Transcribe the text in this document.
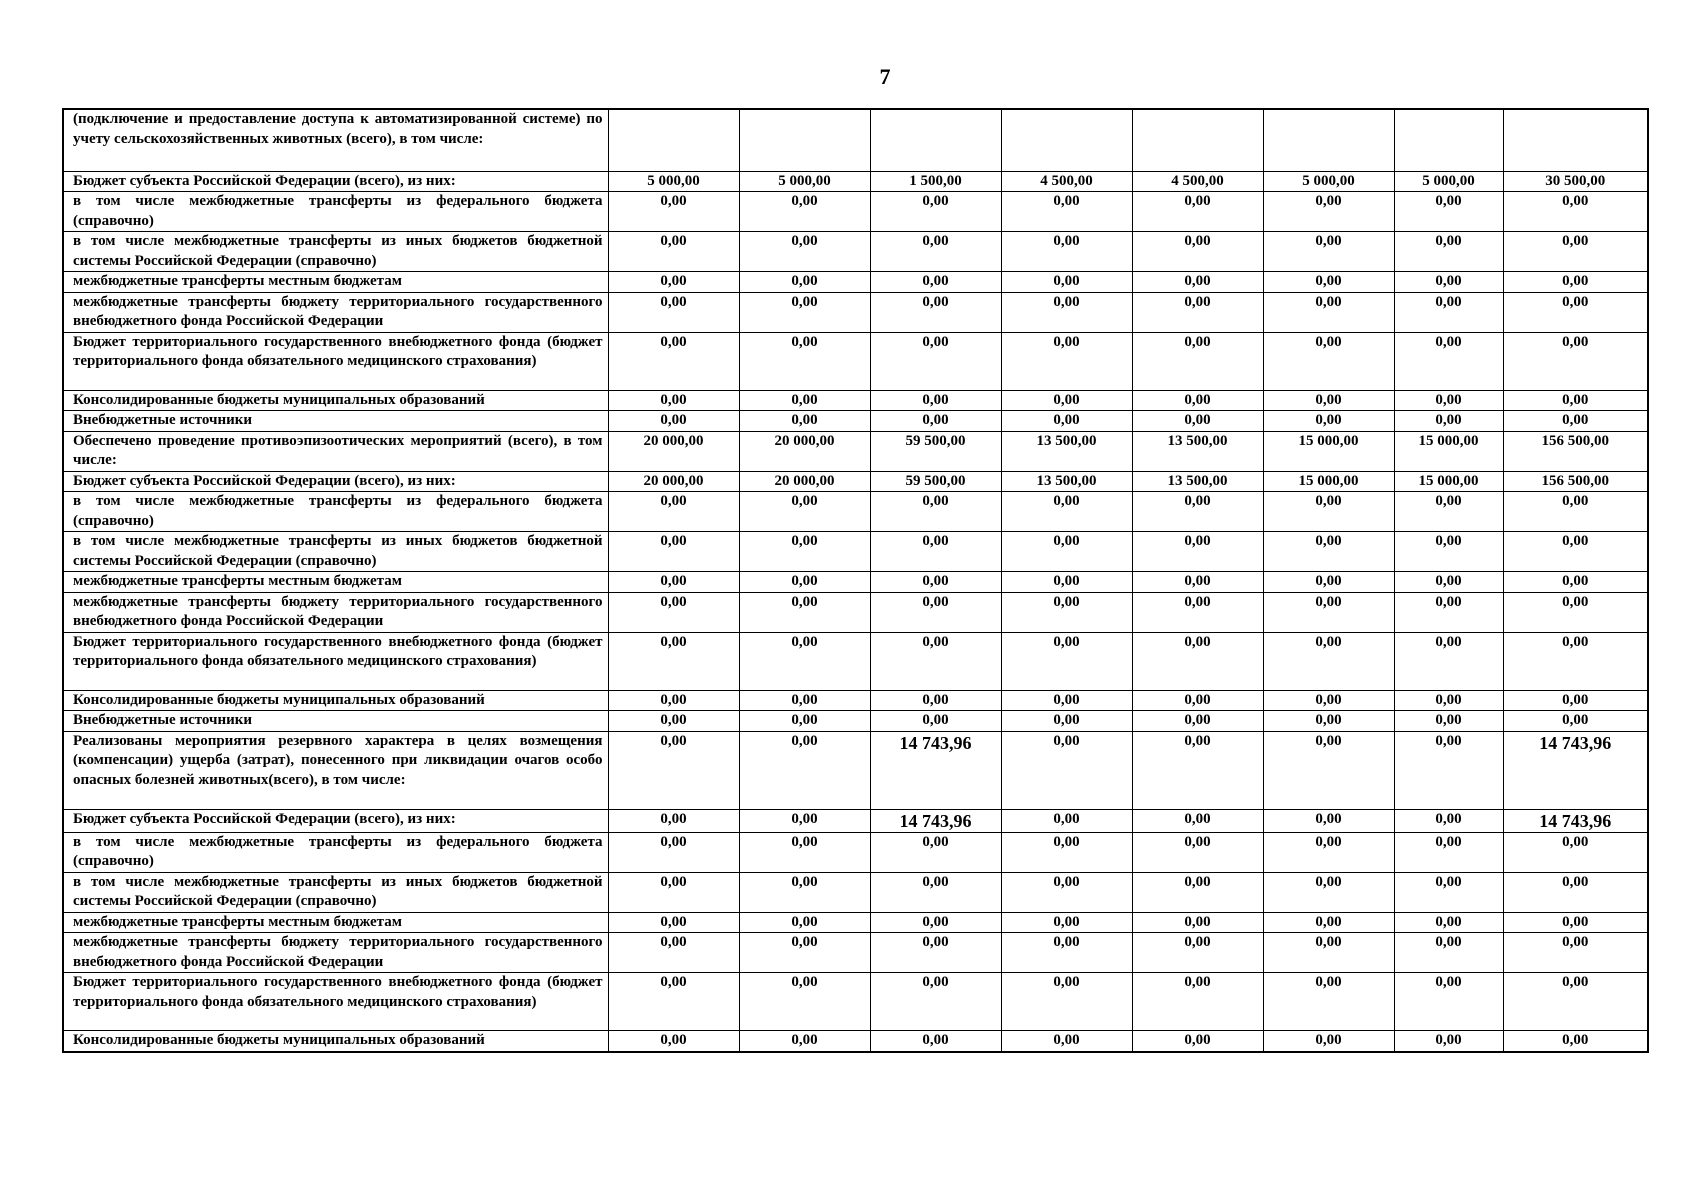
7
(подключение и предоставление доступа к автоматизированной системе) по учету сельскохозяйственных животных (всего), в том числе:								
Бюджет субъекта Российской Федерации (всего), из них:	5 000,00	5 000,00	1 500,00	4 500,00	4 500,00	5 000,00	5 000,00	30 500,00
в том числе межбюджетные трансферты из федерального бюджета (справочно)	0,00	0,00	0,00	0,00	0,00	0,00	0,00	0,00
в том числе межбюджетные трансферты из иных бюджетов бюджетной системы Российской Федерации (справочно)	0,00	0,00	0,00	0,00	0,00	0,00	0,00	0,00
межбюджетные трансферты местным бюджетам	0,00	0,00	0,00	0,00	0,00	0,00	0,00	0,00
межбюджетные трансферты бюджету территориального государственного внебюджетного фонда Российской Федерации	0,00	0,00	0,00	0,00	0,00	0,00	0,00	0,00
Бюджет территориального государственного внебюджетного фонда (бюджет территориального фонда обязательного медицинского страхования)	0,00	0,00	0,00	0,00	0,00	0,00	0,00	0,00
Консолидированные бюджеты муниципальных образований	0,00	0,00	0,00	0,00	0,00	0,00	0,00	0,00
Внебюджетные источники	0,00	0,00	0,00	0,00	0,00	0,00	0,00	0,00
Обеспечено проведение противоэпизоотических мероприятий (всего), в том числе:	20 000,00	20 000,00	59 500,00	13 500,00	13 500,00	15 000,00	15 000,00	156 500,00
Бюджет субъекта Российской Федерации (всего), из них:	20 000,00	20 000,00	59 500,00	13 500,00	13 500,00	15 000,00	15 000,00	156 500,00
в том числе межбюджетные трансферты из федерального бюджета (справочно)	0,00	0,00	0,00	0,00	0,00	0,00	0,00	0,00
в том числе межбюджетные трансферты из иных бюджетов бюджетной системы Российской Федерации (справочно)	0,00	0,00	0,00	0,00	0,00	0,00	0,00	0,00
межбюджетные трансферты местным бюджетам	0,00	0,00	0,00	0,00	0,00	0,00	0,00	0,00
межбюджетные трансферты бюджету территориального государственного внебюджетного фонда Российской Федерации	0,00	0,00	0,00	0,00	0,00	0,00	0,00	0,00
Бюджет территориального государственного внебюджетного фонда (бюджет территориального фонда обязательного медицинского страхования)	0,00	0,00	0,00	0,00	0,00	0,00	0,00	0,00
Консолидированные бюджеты муниципальных образований	0,00	0,00	0,00	0,00	0,00	0,00	0,00	0,00
Внебюджетные источники	0,00	0,00	0,00	0,00	0,00	0,00	0,00	0,00
Реализованы мероприятия резервного характера в целях возмещения (компенсации) ущерба (затрат), понесенного при ликвидации очагов особо опасных болезней животных(всего), в том числе:	0,00	0,00	14 743,96	0,00	0,00	0,00	0,00	14 743,96
Бюджет субъекта Российской Федерации (всего), из них:	0,00	0,00	14 743,96	0,00	0,00	0,00	0,00	14 743,96
в том числе межбюджетные трансферты из федерального бюджета (справочно)	0,00	0,00	0,00	0,00	0,00	0,00	0,00	0,00
в том числе межбюджетные трансферты из иных бюджетов бюджетной системы Российской Федерации (справочно)	0,00	0,00	0,00	0,00	0,00	0,00	0,00	0,00
межбюджетные трансферты местным бюджетам	0,00	0,00	0,00	0,00	0,00	0,00	0,00	0,00
межбюджетные трансферты бюджету территориального государственного внебюджетного фонда Российской Федерации	0,00	0,00	0,00	0,00	0,00	0,00	0,00	0,00
Бюджет территориального государственного внебюджетного фонда (бюджет территориального фонда обязательного медицинского страхования)	0,00	0,00	0,00	0,00	0,00	0,00	0,00	0,00
Консолидированные бюджеты муниципальных образований	0,00	0,00	0,00	0,00	0,00	0,00	0,00	0,00
